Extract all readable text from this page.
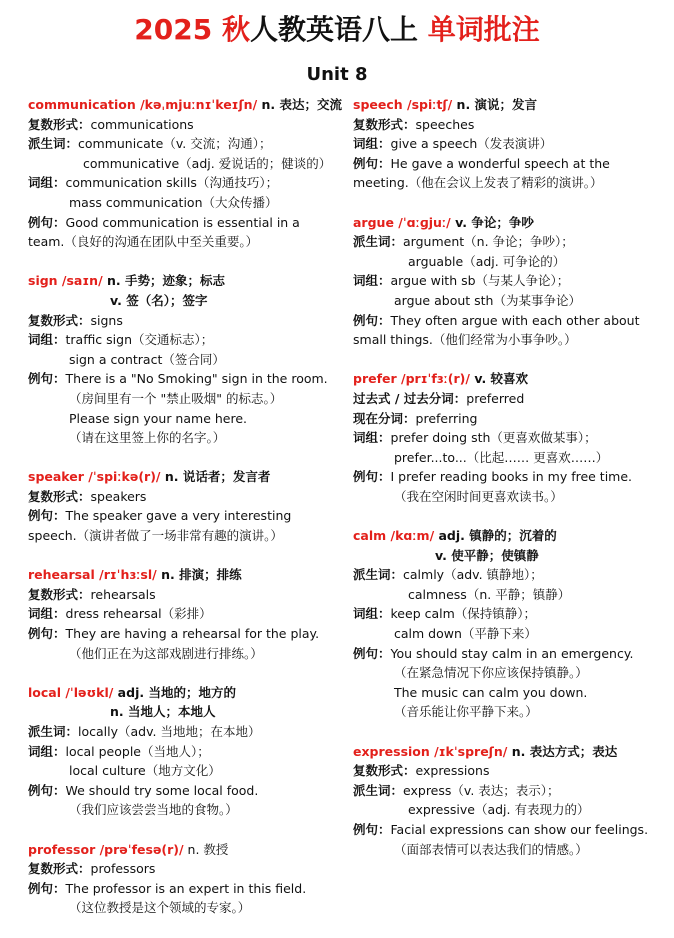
2025 秋人教英语八上 单词批注
Unit 8
communication /kəˌmjuːnɪˈkeɪʃn/ n. 表达；交流
复数形式：communications
派生词：communicate（v. 交流；沟通）；
communicative（adj. 爱说话的；健谈的）
词组：communication skills（沟通技巧）；
mass communication（大众传播）
例句：Good communication is essential in a
team.（良好的沟通在团队中至关重要。）
sign /saɪn/ n. 手势；迹象；标志
v. 签（名）；签字
复数形式：signs
词组：traffic sign（交通标志）；
sign a contract（签合同）
例句：There is a "No Smoking" sign in the room.
（房间里有一个 "禁止吸烟" 的标志。）
Please sign your name here.
（请在这里签上你的名字。）
speaker /ˈspiːkə(r)/ n. 说话者；发言者
复数形式：speakers
例句：The speaker gave a very interesting
speech.（演讲者做了一场非常有趣的演讲。）
rehearsal /rɪˈhɜːsl/ n. 排演；排练
复数形式：rehearsals
词组：dress rehearsal（彩排）
例句：They are having a rehearsal for the play.
（他们正在为这部戏剧进行排练。）
local /ˈləʊkl/ adj. 当地的；地方的
n. 当地人；本地人
派生词：locally（adv. 当地地；在本地）
词组：local people（当地人）；
local culture（地方文化）
例句：We should try some local food.
（我们应该尝尝当地的食物。）
professor /prəˈfesə(r)/ n. 教授
复数形式：professors
例句：The professor is an expert in this field.
（这位教授是这个领域的专家。）
speech /spiːtʃ/ n. 演说；发言
复数形式：speeches
词组：give a speech（发表演讲）
例句：He gave a wonderful speech at the
meeting.（他在会议上发表了精彩的演讲。）
argue /ˈɑːɡjuː/ v. 争论；争吵
派生词：argument（n. 争论；争吵）；
arguable（adj. 可争论的）
词组：argue with sb（与某人争论）；
argue about sth（为某事争论）
例句：They often argue with each other about
small things.（他们经常为小事争吵。）
prefer /prɪˈfɜː(r)/ v. 较喜欢
过去式 / 过去分词：preferred
现在分词：preferring
词组：prefer doing sth（更喜欢做某事）；
prefer...to...（比起…… 更喜欢……）
例句：I prefer reading books in my free time.
（我在空闲时间更喜欢读书。）
calm /kɑːm/ adj. 镇静的；沉着的
v. 使平静；使镇静
派生词：calmly（adv. 镇静地）；
calmness（n. 平静；镇静）
词组：keep calm（保持镇静）；
calm down（平静下来）
例句：You should stay calm in an emergency.
（在紧急情况下你应该保持镇静。）
The music can calm you down.
（音乐能让你平静下来。）
expression /ɪkˈspreʃn/ n. 表达方式；表达
复数形式：expressions
派生词：express（v. 表达；表示）；
expressive（adj. 有表现力的）
例句：Facial expressions can show our feelings.
（面部表情可以表达我们的情感。）
